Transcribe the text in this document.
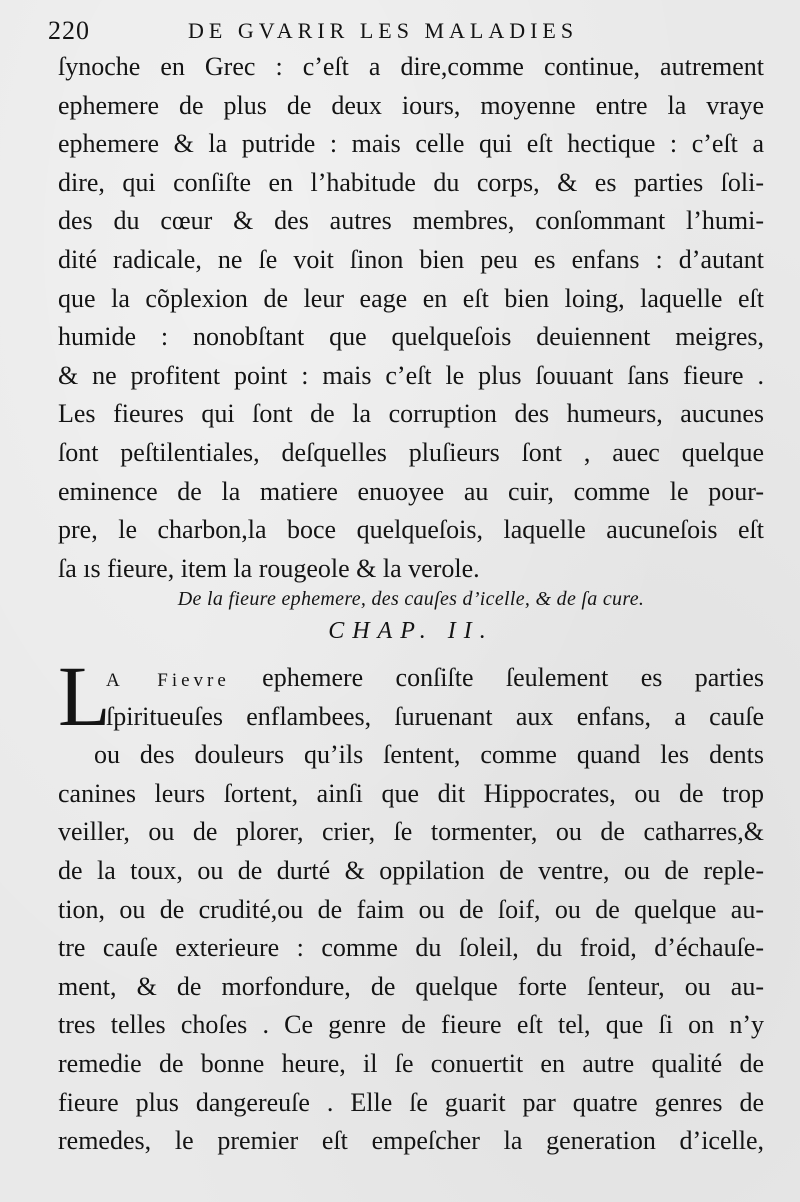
220	DE GVARIR LES MALADIES
ſynoche en Grec : c’eſt a dire,comme continue, autrement
ephemere de plus de deux iours, moyenne entre la vraye
ephemere & la putride : mais celle qui eſt hectique : c’eſt a
dire, qui conſiſte en l’habitude du corps, & es parties ſoli-
des du cœur & des autres membres, conſommant l’humi-
dité radicale, ne ſe voit ſinon bien peu es enfans : d’autant
que la cõplexion de leur eage en eſt bien loing, laquelle eſt
humide : nonobſtant que quelqueſois deuiennent meigres,
& ne profitent point : mais c’eſt le plus ſouuant ſans fieure .
Les fieures qui ſont de la corruption des humeurs, aucunes
ſont peſtilentiales, deſquelles pluſieurs ſont , auec quelque
eminence de la matiere enuoyee au cuir, comme le pour-
pre, le charbon,la boce quelqueſois, laquelle aucuneſois eſt
ſa ıs fieure, item la rougeole & la verole.
De la fieure ephemere, des cauſes d’icelle, & de ſa cure.
CHAP. II.
L
A Fievre ephemere conſiſte ſeulement es parties
ſpiritueuſes enflambees, ſuruenant aux enfans, a cauſe
ou des douleurs qu’ils ſentent, comme quand les dents
canines leurs ſortent, ainſi que dit Hippocrates, ou de trop
veiller, ou de plorer, crier, ſe tormenter, ou de catharres,&
de la toux, ou de durté & oppilation de ventre, ou de reple-
tion, ou de crudité,ou de faim ou de ſoif, ou de quelque au-
tre cauſe exterieure : comme du ſoleil, du froid, d’échauſe-
ment, & de morfondure, de quelque forte ſenteur, ou au-
tres telles choſes . Ce genre de fieure eſt tel, que ſi on n’y
remedie de bonne heure, il ſe conuertit en autre qualité de
fieure plus dangereuſe . Elle ſe guarit par quatre genres de
remedes, le premier eſt empeſcher la generation d’icelle,
